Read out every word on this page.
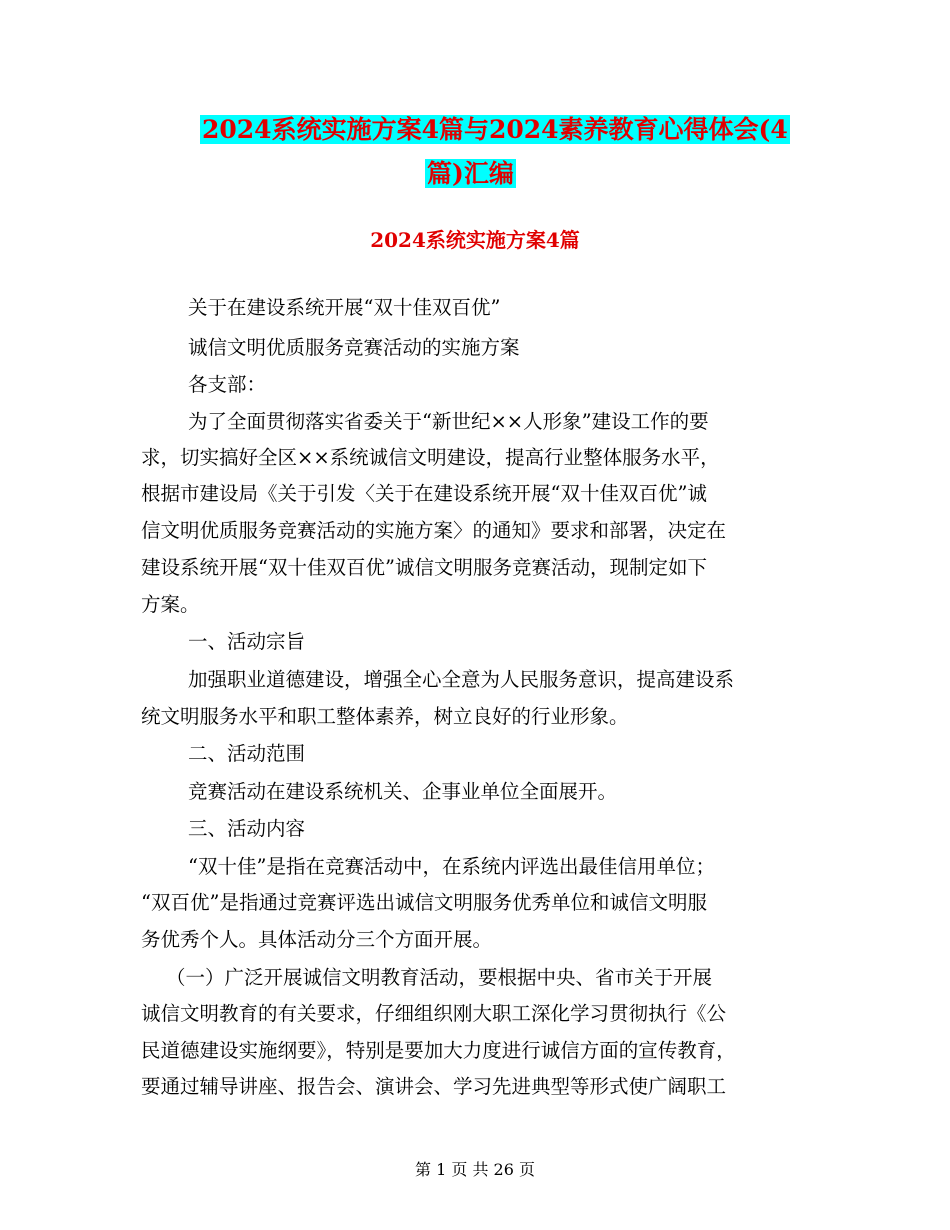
2024系统实施方案4篇与2024素养教育心得体会(4
篇)汇编
2024系统实施方案4篇
关于在建设系统开展“双十佳双百优”
诚信文明优质服务竞赛活动的实施方案
各支部：
为了全面贯彻落实省委关于“新世纪××人形象”建设工作的要
求，切实搞好全区××系统诚信文明建设，提高行业整体服务水平，
根据市建设局《关于引发〈关于在建设系统开展“双十佳双百优”诚
信文明优质服务竞赛活动的实施方案〉的通知》要求和部署，决定在
建设系统开展“双十佳双百优”诚信文明服务竞赛活动，现制定如下
方案。
一、活动宗旨
加强职业道德建设，增强全心全意为人民服务意识，提高建设系
统文明服务水平和职工整体素养，树立良好的行业形象。
二、活动范围
竞赛活动在建设系统机关、企事业单位全面展开。
三、活动内容
“双十佳”是指在竞赛活动中，在系统内评选出最佳信用单位；
“双百优”是指通过竞赛评选出诚信文明服务优秀单位和诚信文明服
务优秀个人。具体活动分三个方面开展。
（一）广泛开展诚信文明教育活动，要根据中央、省市关于开展
诚信文明教育的有关要求，仔细组织刚大职工深化学习贯彻执行《公
民道德建设实施纲要》，特别是要加大力度进行诚信方面的宣传教育，
要通过辅导讲座、报告会、演讲会、学习先进典型等形式使广阔职工
第 1 页 共 26 页
